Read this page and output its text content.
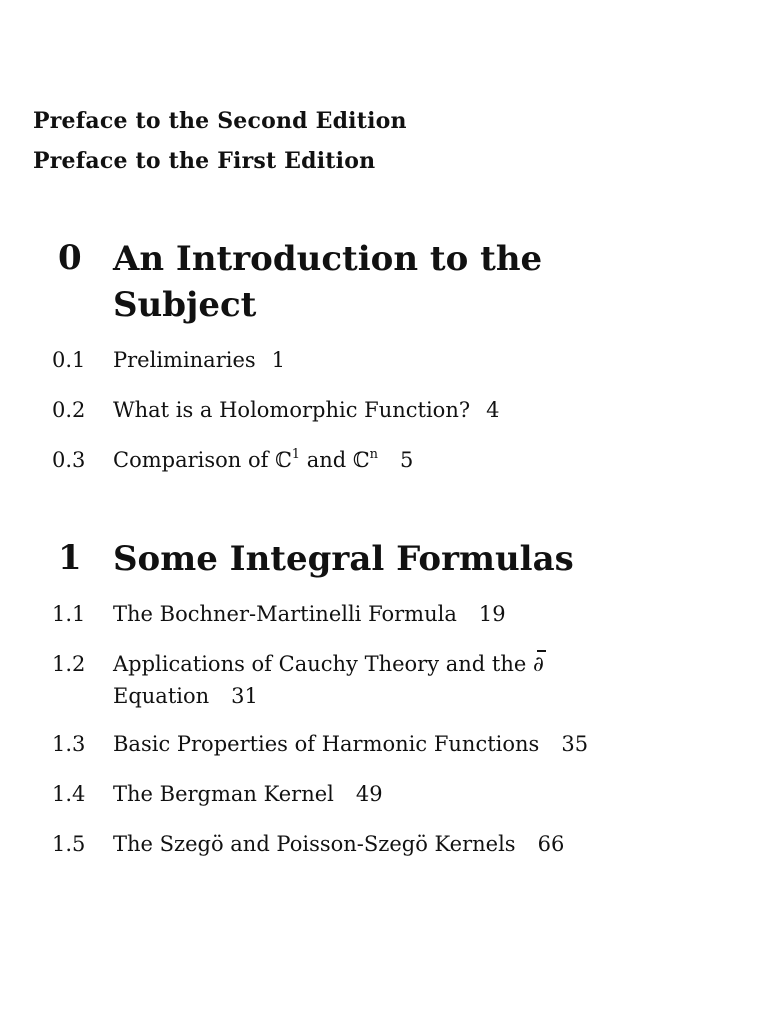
Preface to the Second Edition
Preface to the First Edition
0 An Introduction to the
Subject
0.1 Preliminaries 1
0.2 What is a Holomorphic Function? 4
0.3 Comparison of ℂ$^1$ and ℂ$^n$ 5
1 Some Integral Formulas
1.1 The Bochner-Martinelli Formula 19
1.2 Applications of Cauchy Theory and the ∂
Equation 31
1.3 Basic Properties of Harmonic Functions 35
1.4 The Bergman Kernel 49
1.5 The Szegö and Poisson-Szegö Kernels 66
